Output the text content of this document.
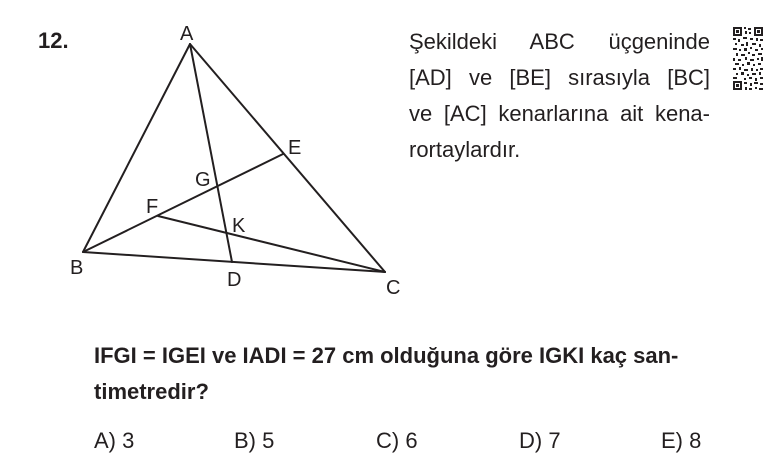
12.	A
B
C
D
E
F
G
K
Şekildeki ABC üçgeninde
[AD] ve [BE] sırasıyla [BC]
ve [AC] kenarlarına ait kena-
rortaylardır.
IFGI = IGEI ve IADI = 27 cm olduğuna göre IGKI kaç san-
timetredir?
A) 3	B) 5	C) 6	D) 7	E) 8
